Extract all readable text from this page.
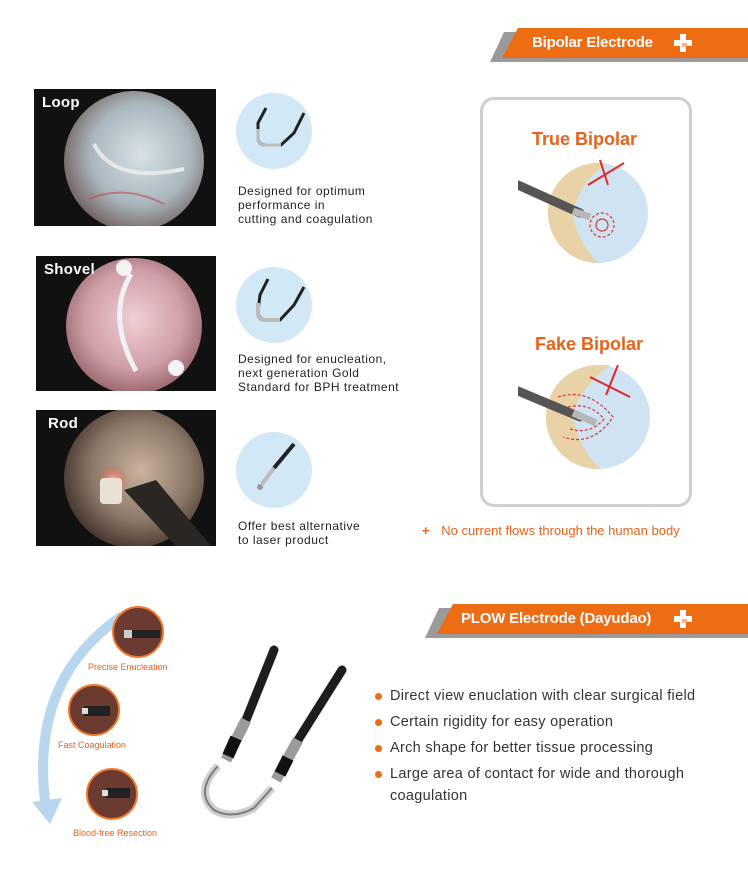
Bipolar Electrode
Loop
Designed for optimum
performance in
cutting and coagulation
Shovel
Designed for enucleation,
next generation Gold
Standard for BPH treatment
Rod
Offer best alternative
to laser product
True Bipolar
Fake Bipolar
+ No current flows through the human body
PLOW Electrode (Dayudao)
Precise Enucleation
Fast Coagulation
Blood-free Resection
Direct view enuclation with clear surgical field
Certain rigidity for easy operation
Arch shape for better tissue processing
Large area of contact for wide and thorough coagulation
